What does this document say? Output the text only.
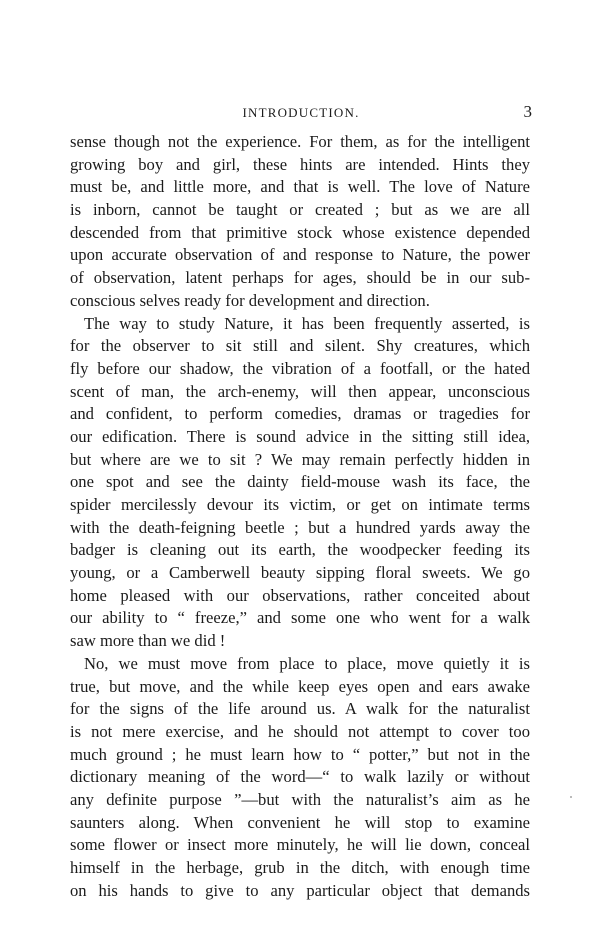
INTRODUCTION.	3
sense though not the experience. For them, as for the intelligent
growing boy and girl, these hints are intended. Hints they
must be, and little more, and that is well. The love of Nature
is inborn, cannot be taught or created ; but as we are all
descended from that primitive stock whose existence depended
upon accurate observation of and response to Nature, the power
of observation, latent perhaps for ages, should be in our sub-
conscious selves ready for development and direction.
The way to study Nature, it has been frequently asserted, is
for the observer to sit still and silent. Shy creatures, which
fly before our shadow, the vibration of a footfall, or the hated
scent of man, the arch-enemy, will then appear, unconscious
and confident, to perform comedies, dramas or tragedies for
our edification. There is sound advice in the sitting still idea,
but where are we to sit ? We may remain perfectly hidden in
one spot and see the dainty field-mouse wash its face, the
spider mercilessly devour its victim, or get on intimate terms
with the death-feigning beetle ; but a hundred yards away the
badger is cleaning out its earth, the woodpecker feeding its
young, or a Camberwell beauty sipping floral sweets. We go
home pleased with our observations, rather conceited about
our ability to “ freeze,” and some one who went for a walk
saw more than we did !
No, we must move from place to place, move quietly it is
true, but move, and the while keep eyes open and ears awake
for the signs of the life around us. A walk for the naturalist
is not mere exercise, and he should not attempt to cover too
much ground ; he must learn how to “ potter,” but not in the
dictionary meaning of the word—“ to walk lazily or without
any definite purpose ”—but with the naturalist’s aim as he
saunters along. When convenient he will stop to examine
some flower or insect more minutely, he will lie down, conceal
himself in the herbage, grub in the ditch, with enough time
on his hands to give to any particular object that demands
